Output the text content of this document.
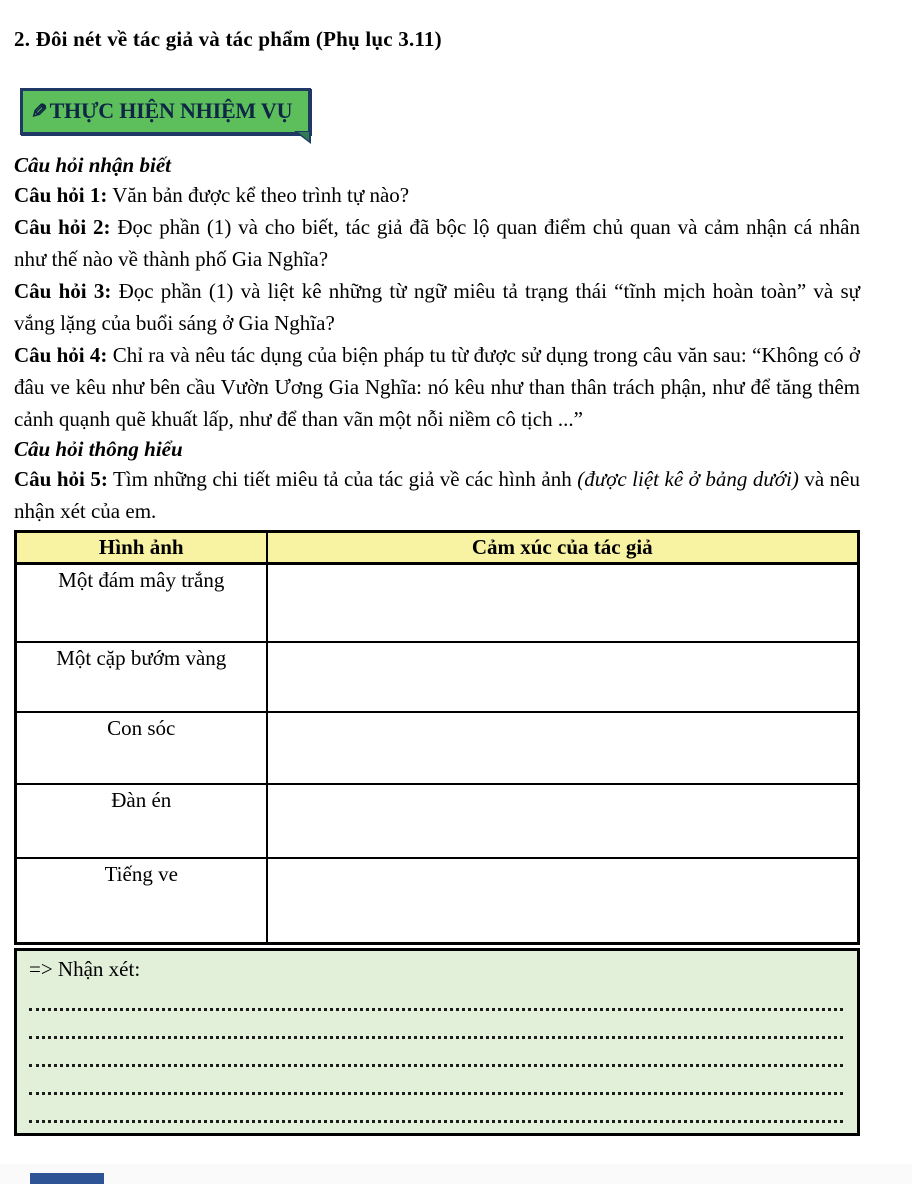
2. Đôi nét về tác giả và tác phẩm (Phụ lục 3.11)
✎THỰC HIỆN NHIỆM VỤ
Câu hỏi nhận biết

Câu hỏi 1: Văn bản được kể theo trình tự nào?

Câu hỏi 2: Đọc phần (1) và cho biết, tác giả đã bộc lộ quan điểm chủ quan và cảm nhận cá nhân như thế nào về thành phố Gia Nghĩa?

Câu hỏi 3: Đọc phần (1) và liệt kê những từ ngữ miêu tả trạng thái “tĩnh mịch hoàn toàn” và sự vắng lặng của buổi sáng ở Gia Nghĩa?

Câu hỏi 4: Chỉ ra và nêu tác dụng của biện pháp tu từ được sử dụng trong câu văn sau: “Không có ở đâu ve kêu như bên cầu Vườn Ương Gia Nghĩa: nó kêu như than thân trách phận, như để tăng thêm cảnh quạnh quẽ khuất lấp, như để than vãn một nỗi niềm cô tịch ...”

Câu hỏi thông hiểu

Câu hỏi 5: Tìm những chi tiết miêu tả của tác giả về các hình ảnh (được liệt kê ở bảng dưới) và nêu nhận xét của em.

Hình ảnh	Cảm xúc của tác giả
Một đám mây trắng	
Một cặp bướm vàng	
Con sóc	
Đàn én	
Tiếng ve	
=> Nhận xét:
